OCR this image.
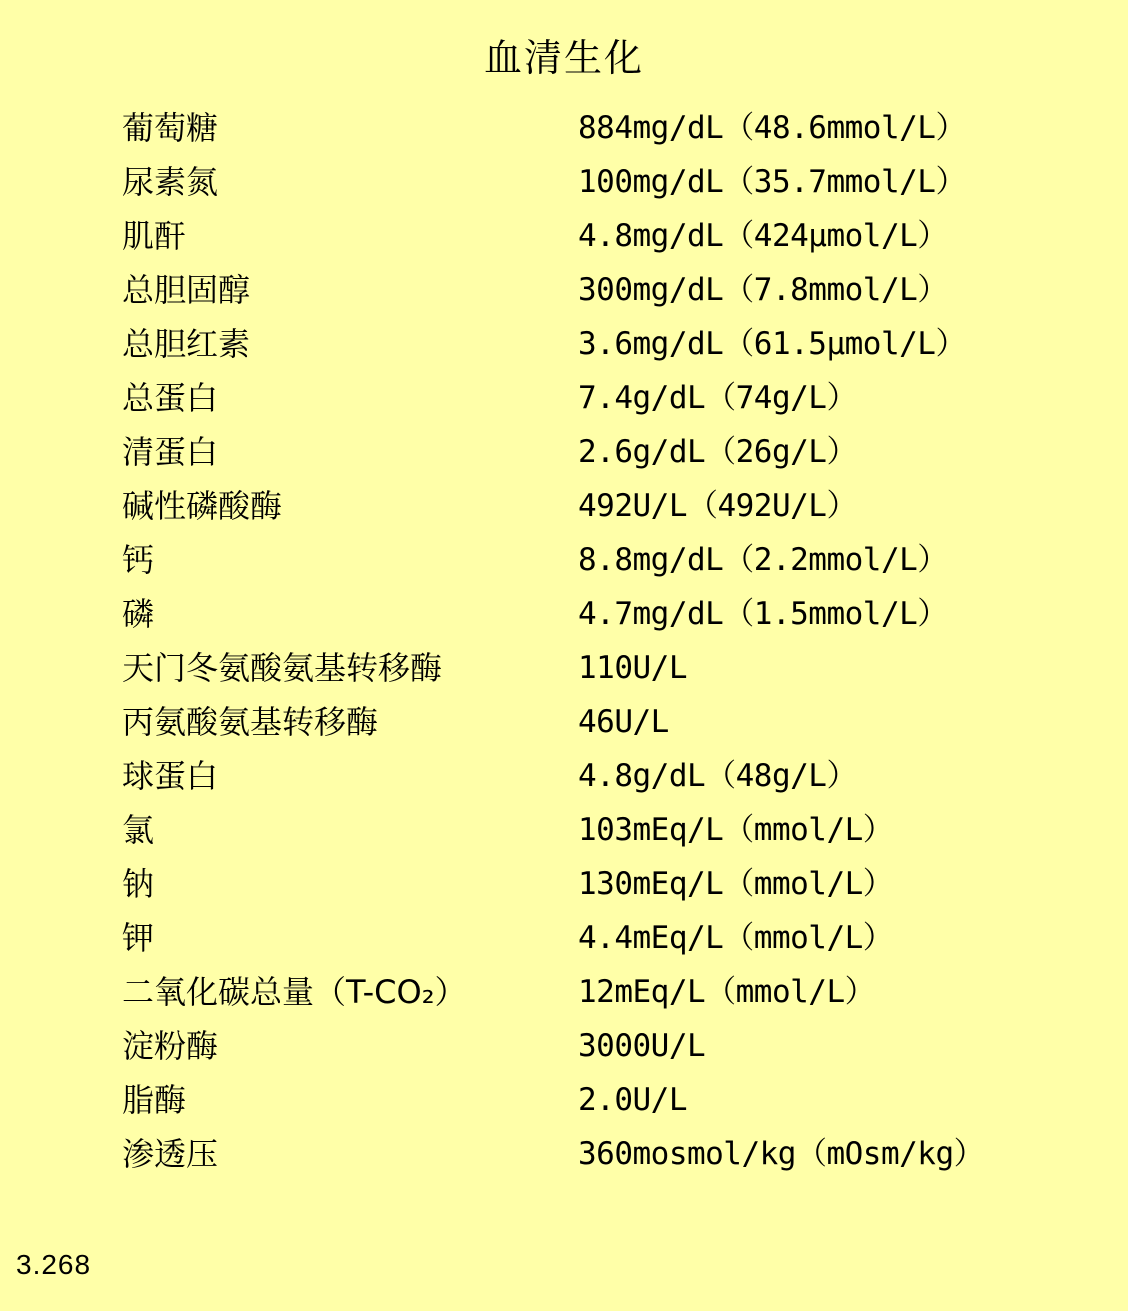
血清生化
葡萄糖	884mg/dL（48.6mmol/L）
尿素氮	100mg/dL（35.7mmol/L）
肌酐	4.8mg/dL（424μmol/L）
总胆固醇	300mg/dL（7.8mmol/L）
总胆红素	3.6mg/dL（61.5μmol/L）
总蛋白	7.4g/dL（74g/L）
清蛋白	2.6g/dL（26g/L）
碱性磷酸酶	492U/L（492U/L）
钙	8.8mg/dL（2.2mmol/L）
磷	4.7mg/dL（1.5mmol/L）
天门冬氨酸氨基转移酶	110U/L
丙氨酸氨基转移酶	46U/L
球蛋白	4.8g/dL（48g/L）
氯	103mEq/L（mmol/L）
钠	130mEq/L（mmol/L）
钾	4.4mEq/L（mmol/L）
二氧化碳总量（T-CO₂）	12mEq/L（mmol/L）
淀粉酶	3000U/L
脂酶	2.0U/L
渗透压	360mosmol/kg（mOsm/kg）
3.268
